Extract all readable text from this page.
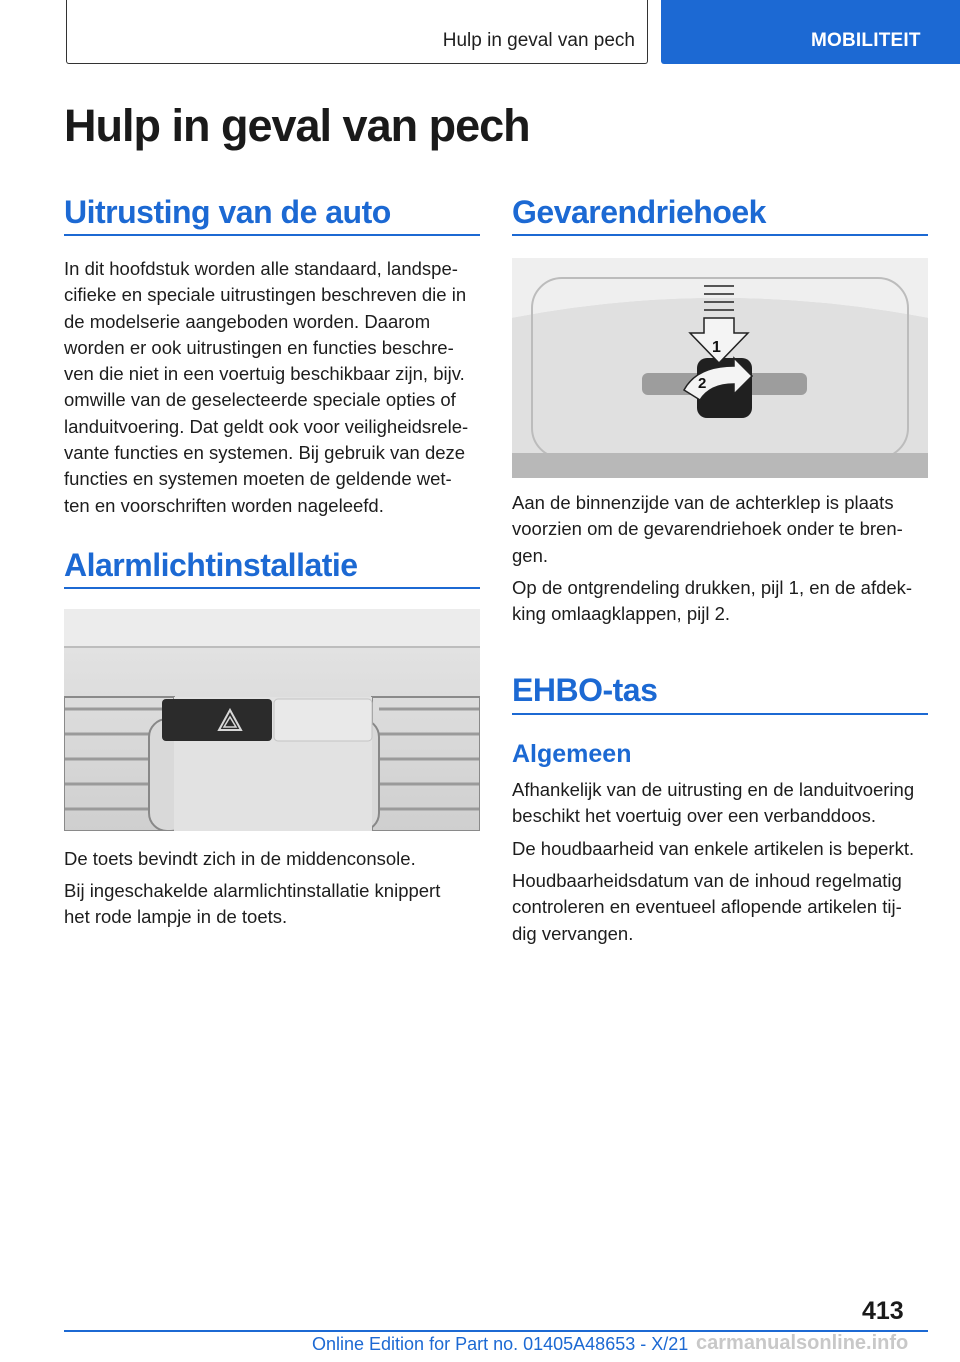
Hulp in geval van pech	MOBILITEIT
Hulp in geval van pech
Uitrusting van de auto

In dit hoofdstuk worden alle standaard, landspe-
cifieke en speciale uitrustingen beschreven die in
de modelserie aangeboden worden. Daarom
worden er ook uitrustingen en functies beschre-
ven die niet in een voertuig beschikbaar zijn, bijv.
omwille van de geselecteerde speciale opties of
landuitvoering. Dat geldt ook voor veiligheidsrele-
vante functies en systemen. Bij gebruik van deze
functies en systemen moeten de geldende wet-
ten en voorschriften worden nageleefd.

Alarmlichtinstallatie

De toets bevindt zich in de middenconsole.

Bij ingeschakelde alarmlichtinstallatie knippert
het rode lampje in de toets.

Gevarendriehoek
1
2

Aan de binnenzijde van de achterklep is plaats
voorzien om de gevarendriehoek onder te bren-
gen.

Op de ontgrendeling drukken, pijl 1, en de afdek-
king omlaagklappen, pijl 2.

EHBO-tas
Algemeen

Afhankelijk van de uitrusting en de landuitvoering
beschikt het voertuig over een verbanddoos.

De houdbaarheid van enkele artikelen is beperkt.

Houdbaarheidsdatum van de inhoud regelmatig
controleren en eventueel aflopende artikelen tij-
dig vervangen.

413
Online Edition for Part no. 01405A48653 - X/21 carmanualsonline.info
